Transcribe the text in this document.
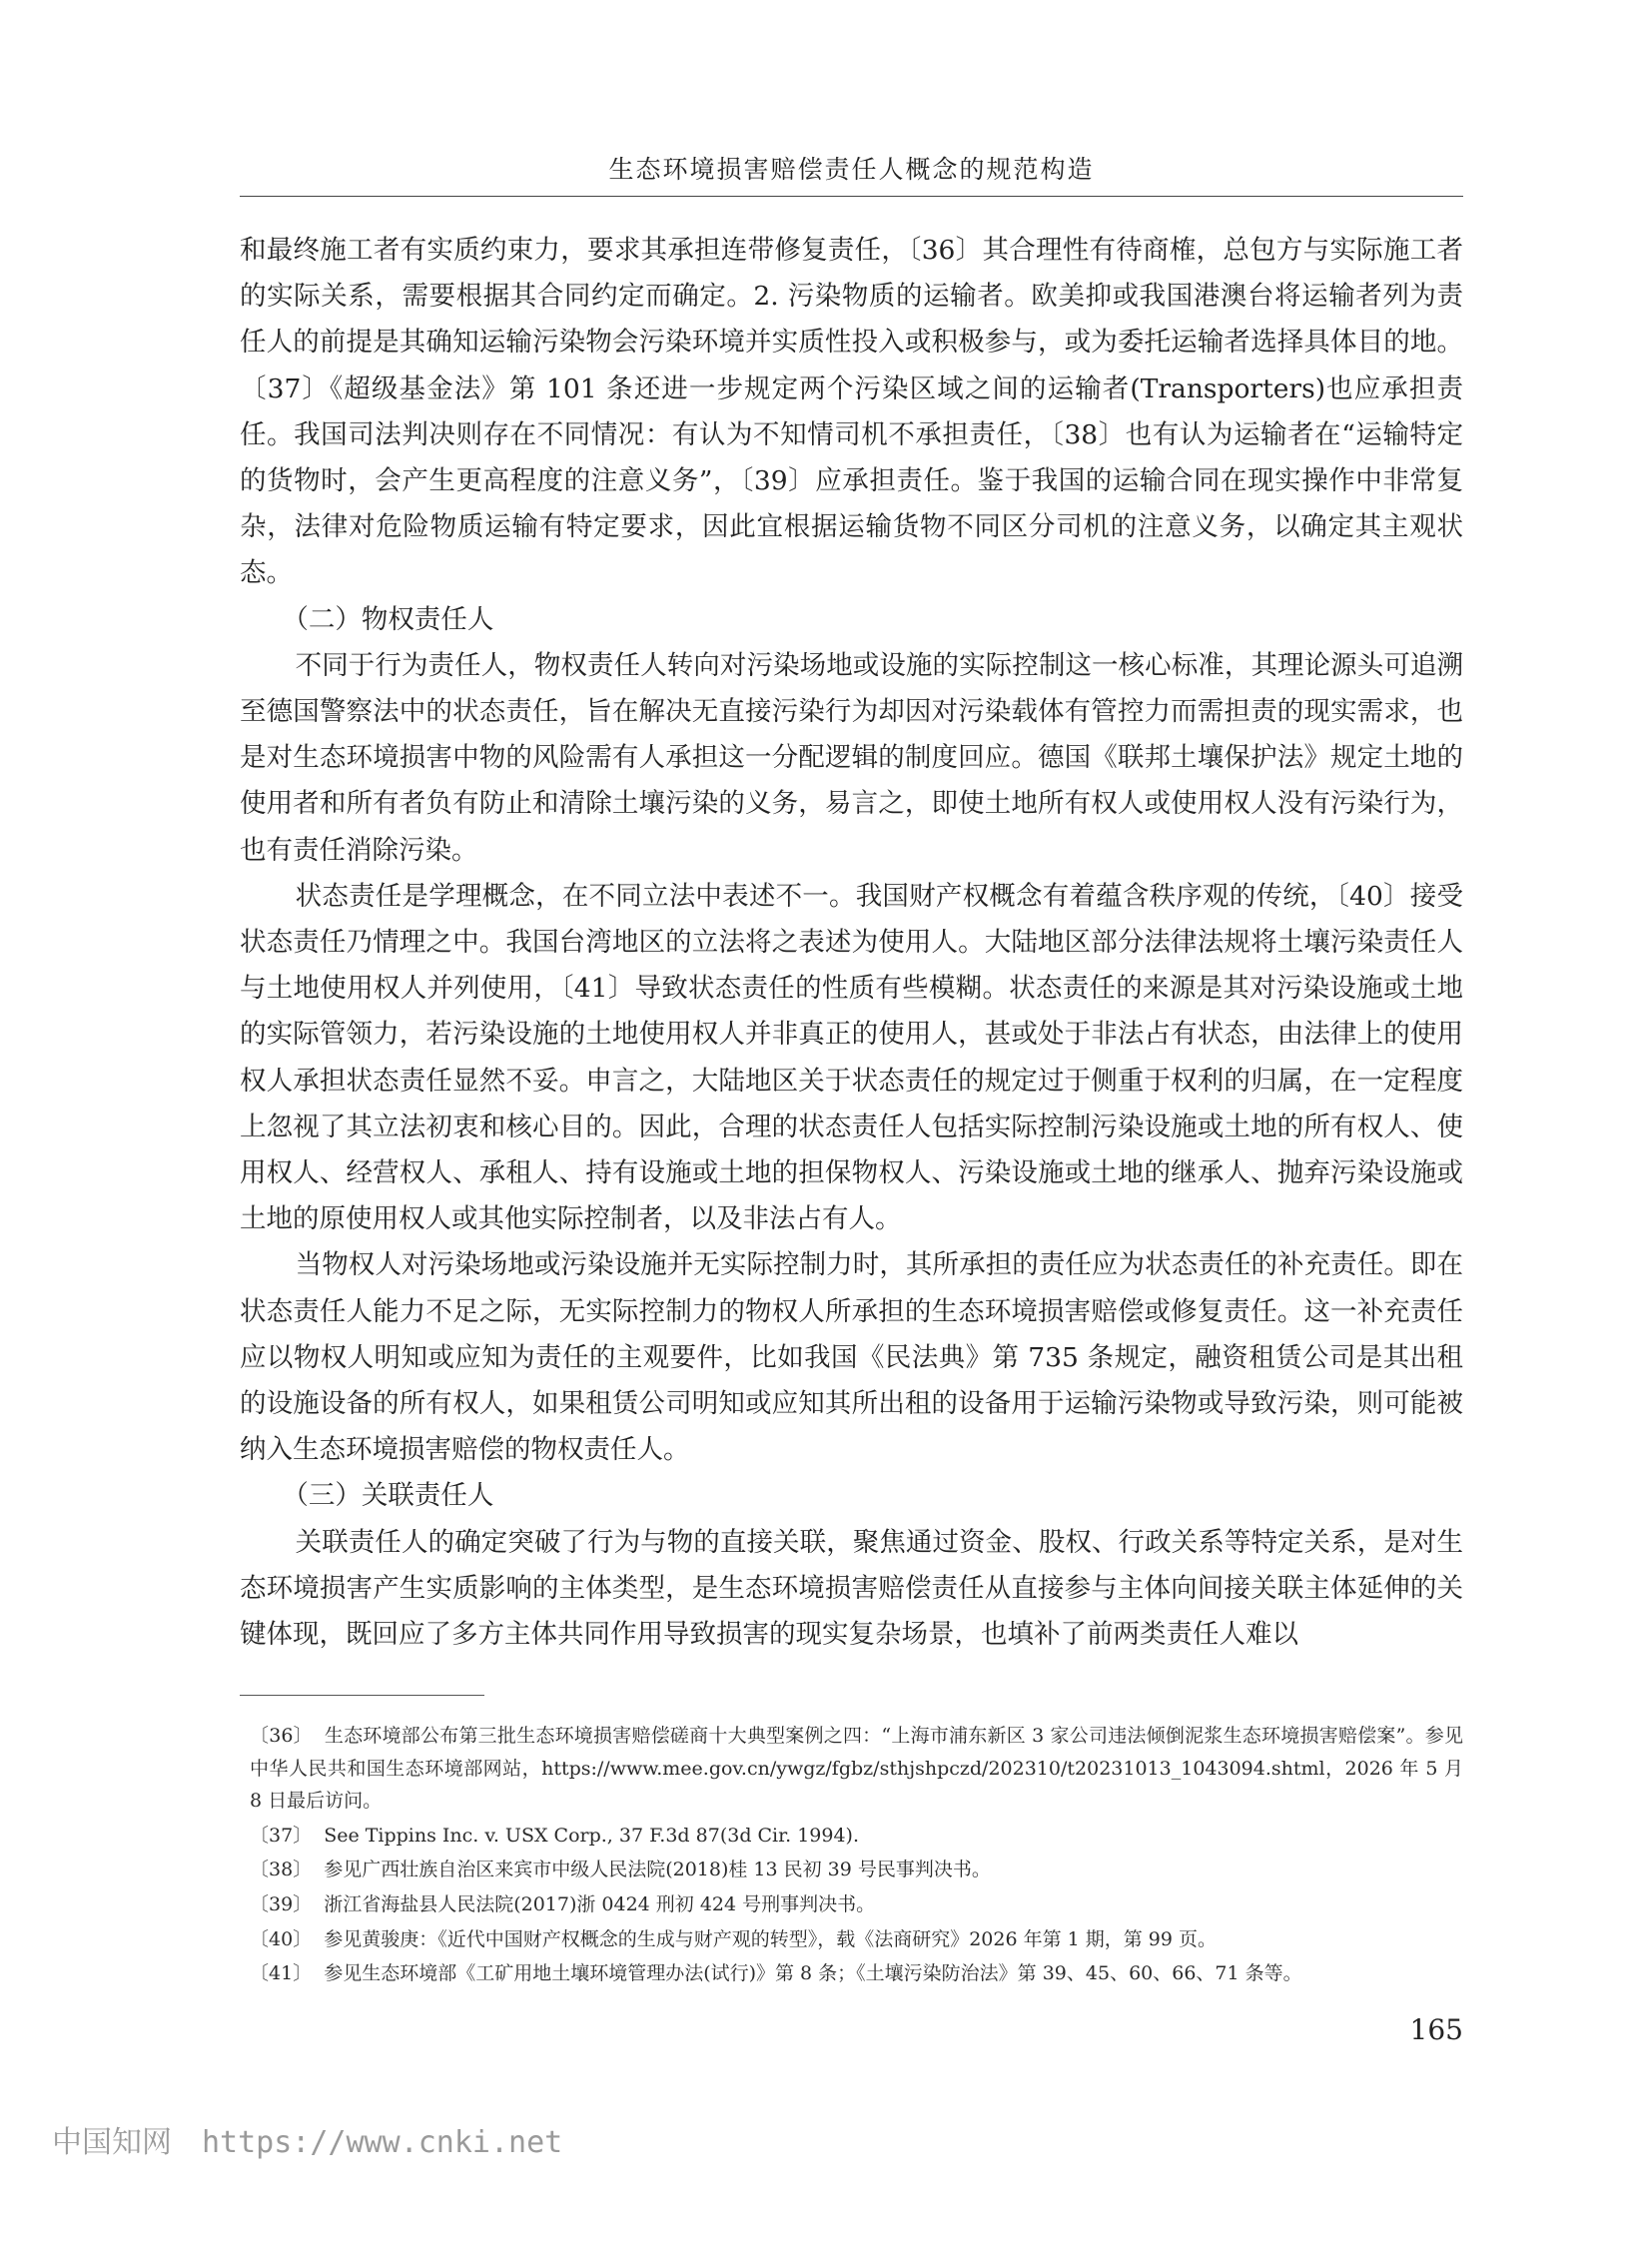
生态环境损害赔偿责任人概念的规范构造

和最终施工者有实质约束力，要求其承担连带修复责任，〔36〕其合理性有待商榷，总包方与实际施工者的实际关系，需要根据其合同约定而确定。2. 污染物质的运输者。欧美抑或我国港澳台将运输者列为责任人的前提是其确知运输污染物会污染环境并实质性投入或积极参与，或为委托运输者选择具体目的地。〔37〕《超级基金法》第 101 条还进一步规定两个污染区域之间的运输者(Transporters)也应承担责任。我国司法判决则存在不同情况：有认为不知情司机不承担责任，〔38〕也有认为运输者在“运输特定的货物时，会产生更高程度的注意义务”，〔39〕应承担责任。鉴于我国的运输合同在现实操作中非常复杂，法律对危险物质运输有特定要求，因此宜根据运输货物不同区分司机的注意义务，以确定其主观状态。

（二）物权责任人

不同于行为责任人，物权责任人转向对污染场地或设施的实际控制这一核心标准，其理论源头可追溯至德国警察法中的状态责任，旨在解决无直接污染行为却因对污染载体有管控力而需担责的现实需求，也是对生态环境损害中物的风险需有人承担这一分配逻辑的制度回应。德国《联邦土壤保护法》规定土地的使用者和所有者负有防止和清除土壤污染的义务，易言之，即使土地所有权人或使用权人没有污染行为，也有责任消除污染。

状态责任是学理概念，在不同立法中表述不一。我国财产权概念有着蕴含秩序观的传统，〔40〕接受状态责任乃情理之中。我国台湾地区的立法将之表述为使用人。大陆地区部分法律法规将土壤污染责任人与土地使用权人并列使用，〔41〕导致状态责任的性质有些模糊。状态责任的来源是其对污染设施或土地的实际管领力，若污染设施的土地使用权人并非真正的使用人，甚或处于非法占有状态，由法律上的使用权人承担状态责任显然不妥。申言之，大陆地区关于状态责任的规定过于侧重于权利的归属，在一定程度上忽视了其立法初衷和核心目的。因此，合理的状态责任人包括实际控制污染设施或土地的所有权人、使用权人、经营权人、承租人、持有设施或土地的担保物权人、污染设施或土地的继承人、抛弃污染设施或土地的原使用权人或其他实际控制者，以及非法占有人。

当物权人对污染场地或污染设施并无实际控制力时，其所承担的责任应为状态责任的补充责任。即在状态责任人能力不足之际，无实际控制力的物权人所承担的生态环境损害赔偿或修复责任。这一补充责任应以物权人明知或应知为责任的主观要件，比如我国《民法典》第 735 条规定，融资租赁公司是其出租的设施设备的所有权人，如果租赁公司明知或应知其所出租的设备用于运输污染物或导致污染，则可能被纳入生态环境损害赔偿的物权责任人。

（三）关联责任人

关联责任人的确定突破了行为与物的直接关联，聚焦通过资金、股权、行政关系等特定关系，是对生态环境损害产生实质影响的主体类型，是生态环境损害赔偿责任从直接参与主体向间接关联主体延伸的关键体现，既回应了多方主体共同作用导致损害的现实复杂场景，也填补了前两类责任人难以

〔36〕 生态环境部公布第三批生态环境损害赔偿磋商十大典型案例之四：“上海市浦东新区 3 家公司违法倾倒泥浆生态环境损害赔偿案”。参见中华人民共和国生态环境部网站，https://www.mee.gov.cn/ywgz/fgbz/sthjshpczd/202310/t20231013_1043094.shtml，2026 年 5 月 8 日最后访问。

〔37〕 See Tippins Inc. v. USX Corp., 37 F.3d 87(3d Cir. 1994).

〔38〕 参见广西壮族自治区来宾市中级人民法院(2018)桂 13 民初 39 号民事判决书。

〔39〕 浙江省海盐县人民法院(2017)浙 0424 刑初 424 号刑事判决书。

〔40〕 参见黄骏庚：《近代中国财产权概念的生成与财产观的转型》，载《法商研究》2026 年第 1 期，第 99 页。

〔41〕 参见生态环境部《工矿用地土壤环境管理办法(试行)》第 8 条；《土壤污染防治法》第 39、45、60、66、71 条等。

165
中国知网 https://www.cnki.net
